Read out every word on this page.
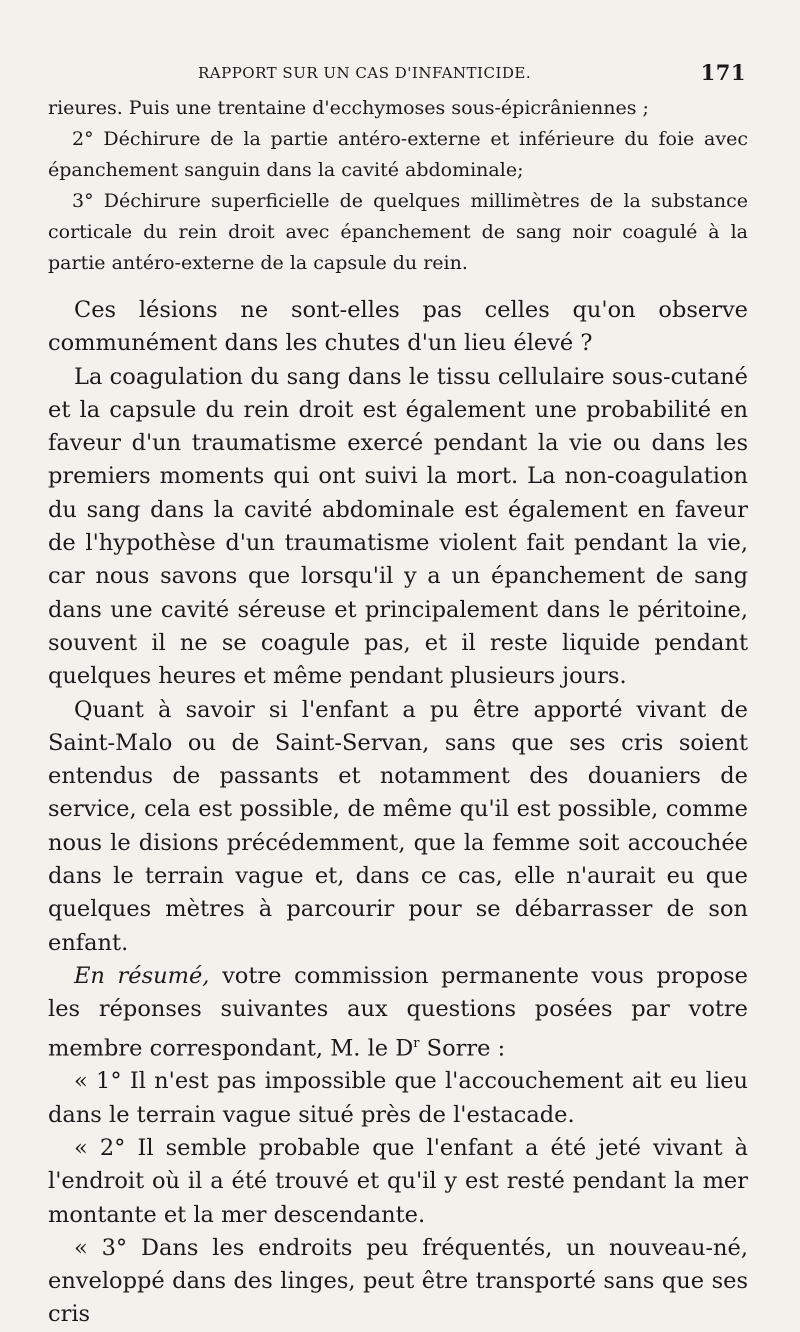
RAPPORT SUR UN CAS D'INFANTICIDE.	171

rieures. Puis une trentaine d'ecchymoses sous-épicrâniennes ;

2° Déchirure de la partie antéro-externe et inférieure du foie avec épanchement sanguin dans la cavité abdominale;

3° Déchirure superficielle de quelques millimètres de la substance corticale du rein droit avec épanchement de sang noir coagulé à la partie antéro-externe de la capsule du rein.

Ces lésions ne sont-elles pas celles qu'on observe communément dans les chutes d'un lieu élevé ?

La coagulation du sang dans le tissu cellulaire sous-cutané et la capsule du rein droit est également une probabilité en faveur d'un traumatisme exercé pendant la vie ou dans les premiers moments qui ont suivi la mort. La non-coagulation du sang dans la cavité abdominale est également en faveur de l'hypothèse d'un traumatisme violent fait pendant la vie, car nous savons que lorsqu'il y a un épanchement de sang dans une cavité séreuse et principalement dans le péritoine, souvent il ne se coagule pas, et il reste liquide pendant quelques heures et même pendant plusieurs jours.

Quant à savoir si l'enfant a pu être apporté vivant de Saint-Malo ou de Saint-Servan, sans que ses cris soient entendus de passants et notamment des douaniers de service, cela est possible, de même qu'il est possible, comme nous le disions précédemment, que la femme soit accouchée dans le terrain vague et, dans ce cas, elle n'aurait eu que quelques mètres à parcourir pour se débarrasser de son enfant.

En résumé, votre commission permanente vous propose les réponses suivantes aux questions posées par votre membre correspondant, M. le $D^r$ Sorre :

« 1° Il n'est pas impossible que l'accouchement ait eu lieu dans le terrain vague situé près de l'estacade.

« 2° Il semble probable que l'enfant a été jeté vivant à l'endroit où il a été trouvé et qu'il y est resté pendant la mer montante et la mer descendante.

« 3° Dans les endroits peu fréquentés, un nouveau-né, enveloppé dans des linges, peut être transporté sans que ses cris
